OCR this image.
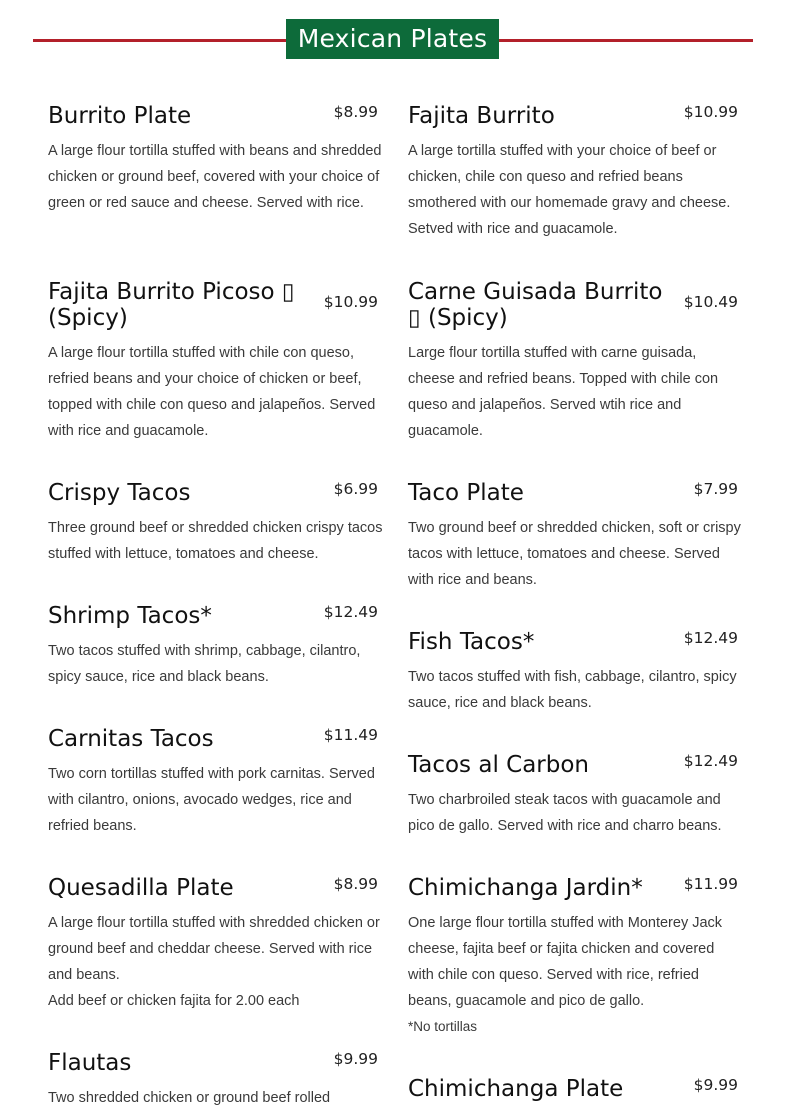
Mexican Plates
Burrito Plate	$8.99
A large flour tortilla stuffed with beans and shredded chicken or ground beef, covered with your choice of green or red sauce and cheese. Served with rice.
Fajita Burrito Picoso ▯ (Spicy)
$10.99
A large flour tortilla stuffed with chile con queso, refried beans and your choice of chicken or beef, topped with chile con queso and jalapeños. Served with rice and guacamole.
Crispy Tacos	$6.99
Three ground beef or shredded chicken crispy tacos stuffed with lettuce, tomatoes and cheese.
Shrimp Tacos*	$12.49
Two tacos stuffed with shrimp, cabbage, cilantro, spicy sauce, rice and black beans.
Carnitas Tacos	$11.49
Two corn tortillas stuffed with pork carnitas. Served with cilantro, onions, avocado wedges, rice and refried beans.
Quesadilla Plate	$8.99
A large flour tortilla stuffed with shredded chicken or ground beef and cheddar cheese. Served with rice and beans.
Add beef or chicken fajita for 2.00 each
Flautas	$9.99
Two shredded chicken or ground beef rolled
Fajita Burrito	$10.99
A large tortilla stuffed with your choice of beef or chicken, chile con queso and refried beans smothered with our homemade gravy and cheese. Setved with rice and guacamole.
Carne Guisada Burrito ▯ (Spicy)
$10.49
Large flour tortilla stuffed with carne guisada, cheese and refried beans. Topped with chile con queso and jalapeños. Served wtih rice and guacamole.
Taco Plate	$7.99
Two ground beef or shredded chicken, soft or crispy tacos with lettuce, tomatoes and cheese. Served with rice and beans.
Fish Tacos*	$12.49
Two tacos stuffed with fish, cabbage, cilantro, spicy sauce, rice and black beans.
Tacos al Carbon	$12.49
Two charbroiled steak tacos with guacamole and pico de gallo. Served with rice and charro beans.
Chimichanga Jardin*	$11.99
One large flour tortilla stuffed with Monterey Jack cheese, fajita beef or fajita chicken and covered with chile con queso. Served with rice, refried beans, guacamole and pico de gallo.
*No tortillas
Chimichanga Plate	$9.99
